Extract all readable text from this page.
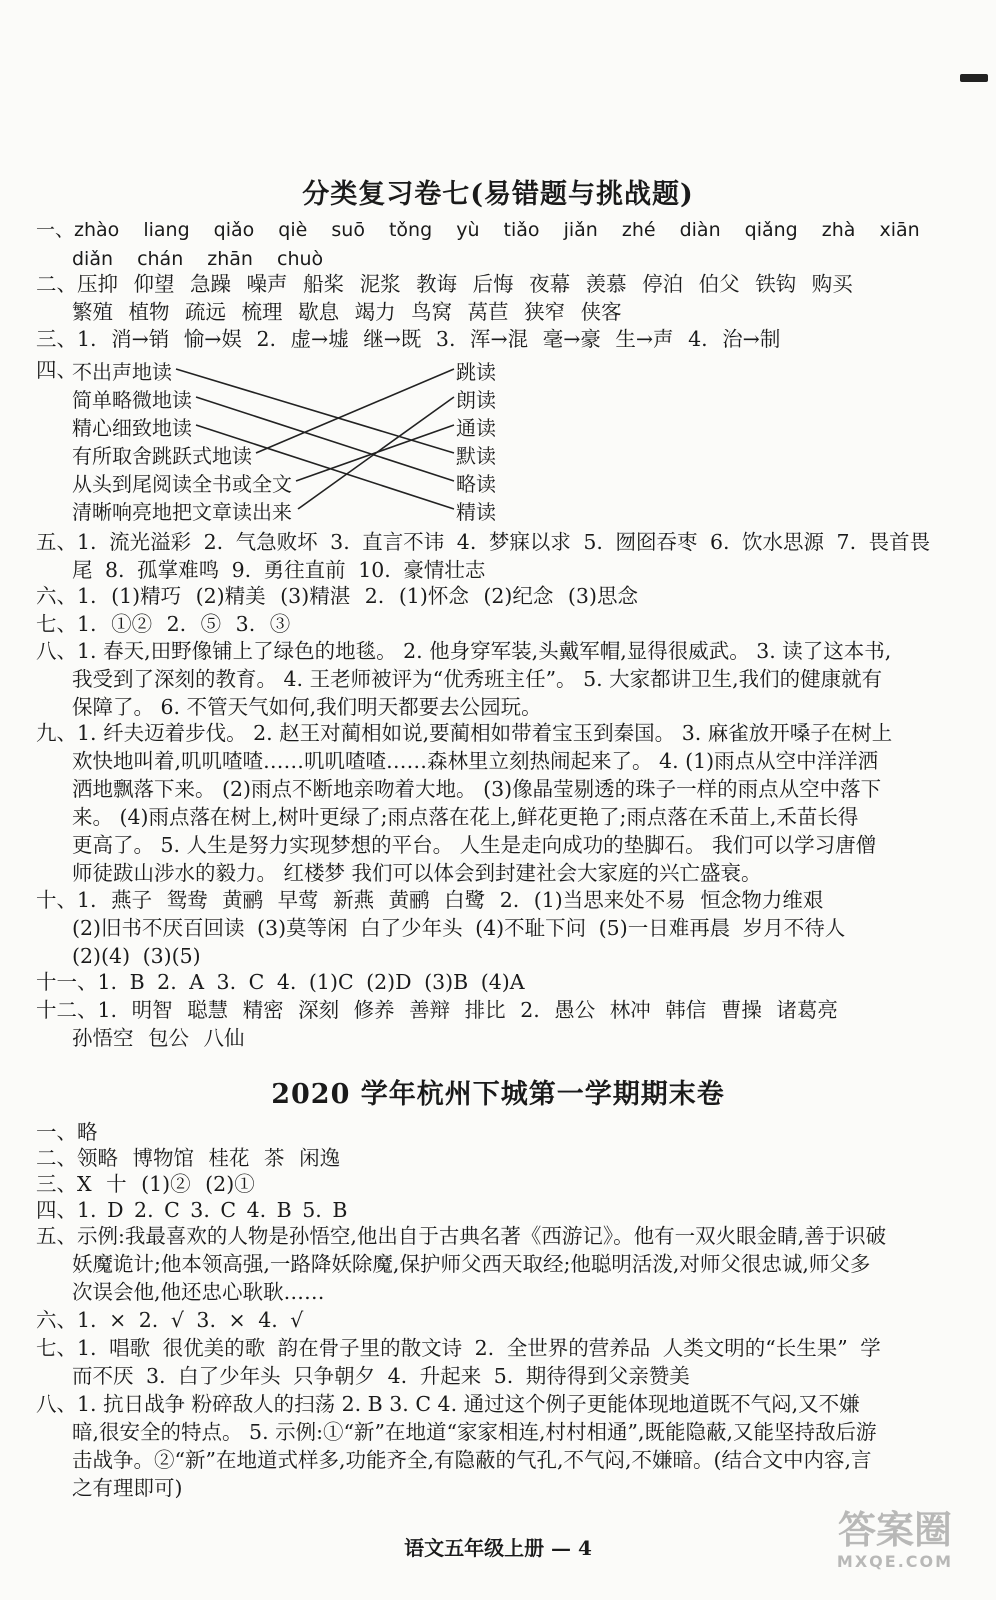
分类复习卷七(易错题与挑战题)
一、zhào liang qiǎo qiè suō tǒng yù tiǎo jiǎn zhé diàn qiǎng zhà xiān
diǎn chán zhān chuò
二、压抑 仰望 急躁 噪声 船桨 泥浆 教诲 后悔 夜幕 羡慕 停泊 伯父 铁钩 购买
繁殖 植物 疏远 梳理 歇息 竭力 鸟窝 莴苣 狭窄 侠客
三、1. 消→销 愉→娱 2. 虚→墟 继→既 3. 浑→混 毫→豪 生→声 4. 治→制
四、
不出声地读
简单略微地读
精心细致地读
有所取舍跳跃式地读
从头到尾阅读全书或全文
清晰响亮地把文章读出来
跳读
朗读
通读
默读
略读
精读
五、1. 流光溢彩 2. 气急败坏 3. 直言不讳 4. 梦寐以求 5. 囫囵吞枣 6. 饮水思源 7. 畏首畏
尾 8. 孤掌难鸣 9. 勇往直前 10. 豪情壮志
六、1. (1)精巧 (2)精美 (3)精湛 2. (1)怀念 (2)纪念 (3)思念
七、1. ①② 2. ⑤ 3. ③
八、1. 春天,田野像铺上了绿色的地毯。 2. 他身穿军装,头戴军帽,显得很威武。 3. 读了这本书,
我受到了深刻的教育。 4. 王老师被评为“优秀班主任”。 5. 大家都讲卫生,我们的健康就有
保障了。 6. 不管天气如何,我们明天都要去公园玩。
九、1. 纤夫迈着步伐。 2. 赵王对蔺相如说,要蔺相如带着宝玉到秦国。 3. 麻雀放开嗓子在树上
欢快地叫着,叽叽喳喳……叽叽喳喳……森林里立刻热闹起来了。 4. (1)雨点从空中洋洋洒
洒地飘落下来。 (2)雨点不断地亲吻着大地。 (3)像晶莹剔透的珠子一样的雨点从空中落下
来。 (4)雨点落在树上,树叶更绿了;雨点落在花上,鲜花更艳了;雨点落在禾苗上,禾苗长得
更高了。 5. 人生是努力实现梦想的平台。 人生是走向成功的垫脚石。 我们可以学习唐僧
师徒跋山涉水的毅力。 红楼梦 我们可以体会到封建社会大家庭的兴亡盛衰。
十、1. 燕子 鸳鸯 黄鹂 早莺 新燕 黄鹂 白鹭 2. (1)当思来处不易 恒念物力维艰
(2)旧书不厌百回读 (3)莫等闲 白了少年头 (4)不耻下问 (5)一日难再晨 岁月不待人
(2)(4) (3)(5)
十一、1. B 2. A 3. C 4. (1)C (2)D (3)B (4)A
十二、1. 明智 聪慧 精密 深刻 修养 善辩 排比 2. 愚公 林冲 韩信 曹操 诸葛亮
孙悟空 包公 八仙
2020 学年杭州下城第一学期期末卷
一、略
二、领略 博物馆 桂花 茶 闲逸
三、X 十 (1)② (2)①
四、1. D 2. C 3. C 4. B 5. B
五、示例:我最喜欢的人物是孙悟空,他出自于古典名著《西游记》。他有一双火眼金睛,善于识破
妖魔诡计;他本领高强,一路降妖除魔,保护师父西天取经;他聪明活泼,对师父很忠诚,师父多
次误会他,他还忠心耿耿……
六、1. × 2. √ 3. × 4. √
七、1. 唱歌 很优美的歌 韵在骨子里的散文诗 2. 全世界的营养品 人类文明的“长生果” 学
而不厌 3. 白了少年头 只争朝夕 4. 升起来 5. 期待得到父亲赞美
八、1. 抗日战争 粉碎敌人的扫荡 2. B 3. C 4. 通过这个例子更能体现地道既不气闷,又不嫌
暗,很安全的特点。 5. 示例:①“新”在地道“家家相连,村村相通”,既能隐蔽,又能坚持敌后游
击战争。②“新”在地道式样多,功能齐全,有隐蔽的气孔,不气闷,不嫌暗。(结合文中内容,言
之有理即可)
语文五年级上册 — 4	答案圈
MXQE.COM
